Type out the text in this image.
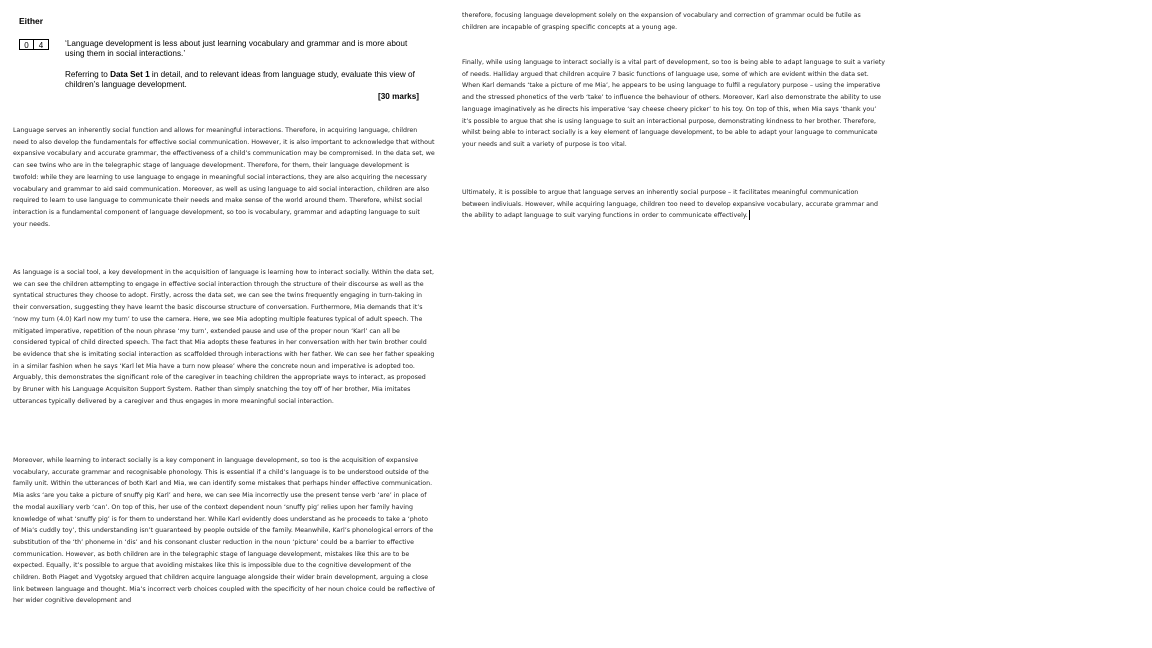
Either
0	4	‘Language development is less about just learning vocabulary and grammar and is more about using them in social interactions.’
Referring to Data Set 1 in detail, and to relevant ideas from language study, evaluate this view of children’s language development.
[30 marks]

Language serves an inherently social function and allows for meaningful interactions. Therefore, in acquiring language, children need to also develop the fundamentals for effective social communication. However, it is also important to acknowledge that without expansive vocabulary and accurate grammar, the effectiveness of a child’s communication may be compromised. In the data set, we can see twins who are in the telegraphic stage of language development. Therefore, for them, their language development is twofold: while they are learning to use language to engage in meaningful social interactions, they are also acquiring the necessary vocabulary and grammar to aid said communication. Moreover, as well as using language to aid social interaction, children are also required to learn to use language to communicate their needs and make sense of the world around them. Therefore, whilst social interaction is a fundamental component of language development, so too is vocabulary, grammar and adapting language to suit your needs.

As language is a social tool, a key development in the acquisition of language is learning how to interact socially. Within the data set, we can see the children attempting to engage in effective social interaction through the structure of their discourse as well as the syntatical structures they choose to adopt. Firstly, across the data set, we can see the twins frequently engaging in turn-taking in their conversation, suggesting they have learnt the basic discourse structure of conversation. Furthermore, Mia demands that it’s ‘now my turn (4.0) Karl now my turn’ to use the camera. Here, we see Mia adopting multiple features typical of adult speech. The mitigated imperative, repetition of the noun phrase ‘my turn’, extended pause and use of the proper noun ‘Karl’ can all be considered typical of child directed speech. The fact that Mia adopts these features in her conversation with her twin brother could be evidence that she is imitating social interaction as scaffolded through interactions with her father. We can see her father speaking in a similar fashion when he says ‘Karl let Mia have a turn now please’ where the concrete noun and imperative is adopted too. Arguably, this demonstrates the significant role of the caregiver in teaching children the appropriate ways to interact, as proposed by Bruner with his Language Acquisiton Support System. Rather than simply snatching the toy off of her brother, Mia imitates utterances typically delivered by a caregiver and thus engages in more meaningful social interaction.

Moreover, while learning to interact socially is a key component in language development, so too is the acquisition of expansive vocabulary, accurate grammar and recognisable phonology. This is essential if a child’s language is to be understood outside of the family unit. Within the utterances of both Karl and Mia, we can identify some mistakes that perhaps hinder effective communication. Mia asks ‘are you take a picture of snuffy pig Karl’ and here, we can see Mia incorrectly use the present tense verb ‘are’ in place of the modal auxiliary verb ‘can’. On top of this, her use of the context dependent noun ‘snuffy pig’ relies upon her family having knowledge of what ‘snuffy pig’ is for them to understand her. While Karl evidently does understand as he proceeds to take a ‘photo of Mia’s cuddly toy’, this understanding isn’t guaranteed by people outside of the family. Meanwhile, Karl’s phonological errors of the substitution of the ‘th’ phoneme in ‘dis’ and his consonant cluster reduction in the noun ‘picture’ could be a barrier to effective communication. However, as both children are in the telegraphic stage of language development, mistakes like this are to be expected. Equally, it’s possible to argue that avoiding mistakes like this is impossible due to the cognitive development of the children. Both Piaget and Vygotsky argued that children acquire language alongside their wider brain development, arguing a close link between language and thought. Mia’s incorrect verb choices coupled with the specificity of her noun choice could be reflective of her wider cognitive development and

therefore, focusing language development solely on the expansion of vocabulary and correction of grammar oculd be futile as children are incapable of grasping specific concepts at a young age.

Finally, while using language to interact socially is a vital part of development, so too is being able to adapt language to suit a variety of needs. Halliday argued that children acquire 7 basic functions of language use, some of which are evident within the data set. When Karl demands ‘take a picture of me Mia’, he appears to be using language to fulfil a regulatory purpose – using the imperative and the stressed phonetics of the verb ‘take’ to influence the behaviour of others. Moreover, Karl also demonstrate the ability to use language imaginatively as he directs his imperative ‘say cheese cheery picker’ to his toy. On top of this, when Mia says ‘thank you’ it’s possible to argue that she is using language to suit an interactional purpose, demonstrating kindness to her brother. Therefore, whilst being able to interact socially is a key element of language development, to be able to adapt your language to communicate your needs and suit a variety of purpose is too vital.

Ultimately, it is possible to argue that language serves an inherently social purpose – it facilitates meaningful communication between indiviuals. However, while acquiring language, children too need to develop expansive vocabulary, accurate grammar and the ability to adapt language to suit varying functions in order to communicate effectively.
